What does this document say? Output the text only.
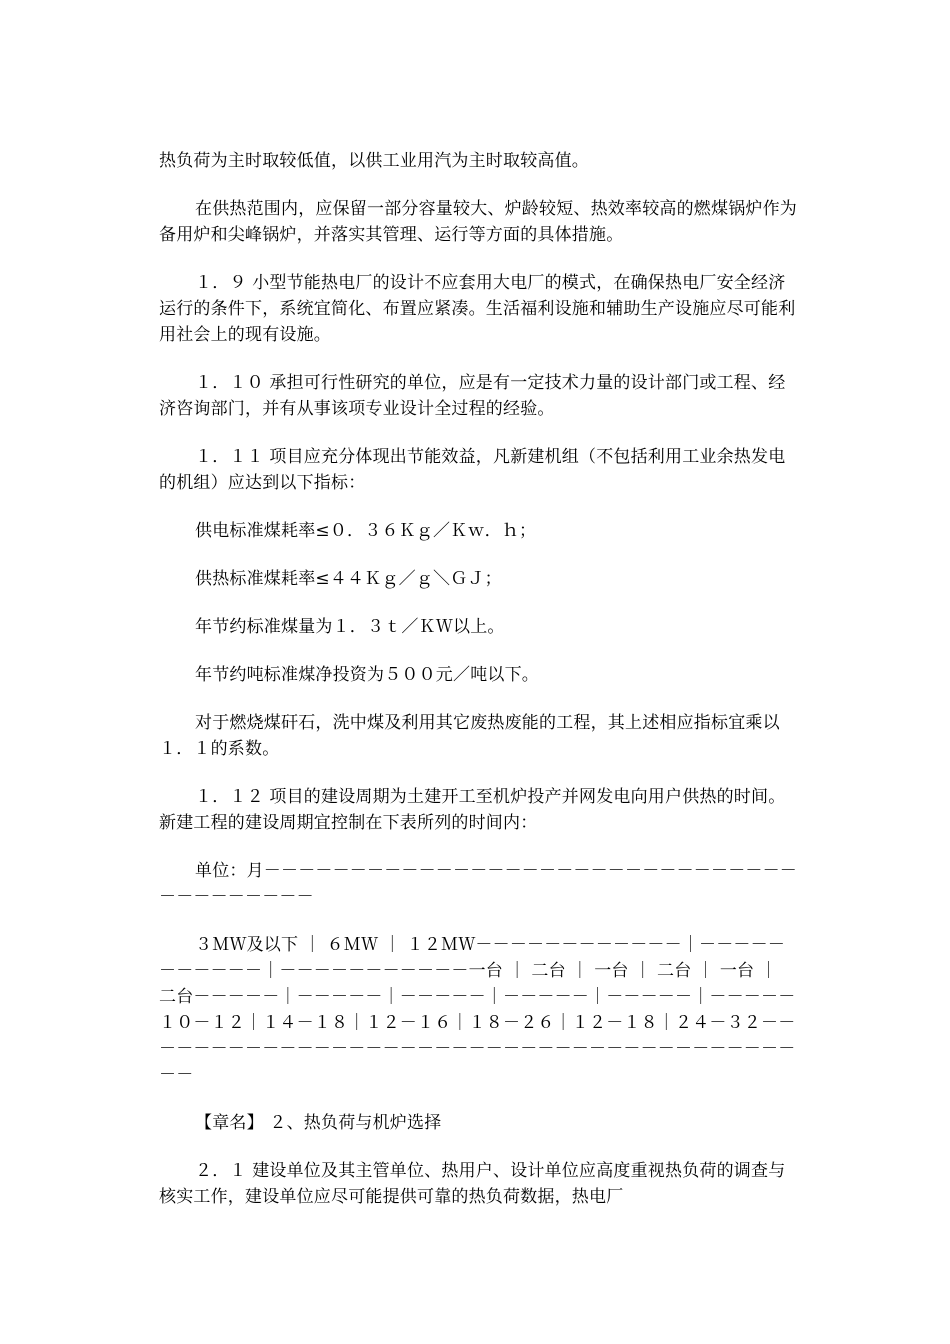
热负荷为主时取较低值，以供工业用汽为主时取较高值。

在供热范围内，应保留一部分容量较大、炉龄较短、热效率较高的燃煤锅炉作为备用炉和尖峰锅炉，并落实其管理、运行等方面的具体措施。

１．９ 小型节能热电厂的设计不应套用大电厂的模式，在确保热电厂安全经济运行的条件下，系统宜简化、布置应紧凑。生活福利设施和辅助生产设施应尽可能利用社会上的现有设施。

１．１０ 承担可行性研究的单位，应是有一定技术力量的设计部门或工程、经济咨询部门，并有从事该项专业设计全过程的经验。

１．１１ 项目应充分体现出节能效益，凡新建机组（不包括利用工业余热发电的机组）应达到以下指标：

供电标准煤耗率≤０．３６Ｋｇ／Ｋｗ．ｈ；

供热标准煤耗率≤４４Ｋｇ／ｇ＼ＧＪ；

年节约标准煤量为１．３ｔ／ＫＷ以上。

年节约吨标准煤净投资为５００元／吨以下。

对于燃烧煤矸石，洗中煤及利用其它废热废能的工程，其上述相应指标宜乘以１．１的系数。

１．１２ 项目的建设周期为土建开工至机炉投产并网发电向用户供热的时间。新建工程的建设周期宜控制在下表所列的时间内：

单位：月－－－－－－－－－－－－－－－－－－－－－－－－－－－－－－－－－－－－－－－－

３ＭＷ及以下 ｜ ６ＭＷ ｜ １２ＭＷ－－－－－－－－－－－－｜－－－－－－－－－－－｜－－－－－－－－－－－一台 ｜ 二台 ｜ 一台 ｜ 二台 ｜ 一台 ｜ 二台－－－－－｜－－－－－｜－－－－－｜－－－－－｜－－－－－｜－－－－－１０－１２｜１４－１８｜１２－１６｜１８－２６｜１２－１８｜２４－３２－－－－－－－－－－－－－－－－－－－－－－－－－－－－－－－－－－－－－－－－－

【章名】 ２、热负荷与机炉选择

２．１ 建设单位及其主管单位、热用户、设计单位应高度重视热负荷的调查与核实工作，建设单位应尽可能提供可靠的热负荷数据，热电厂
